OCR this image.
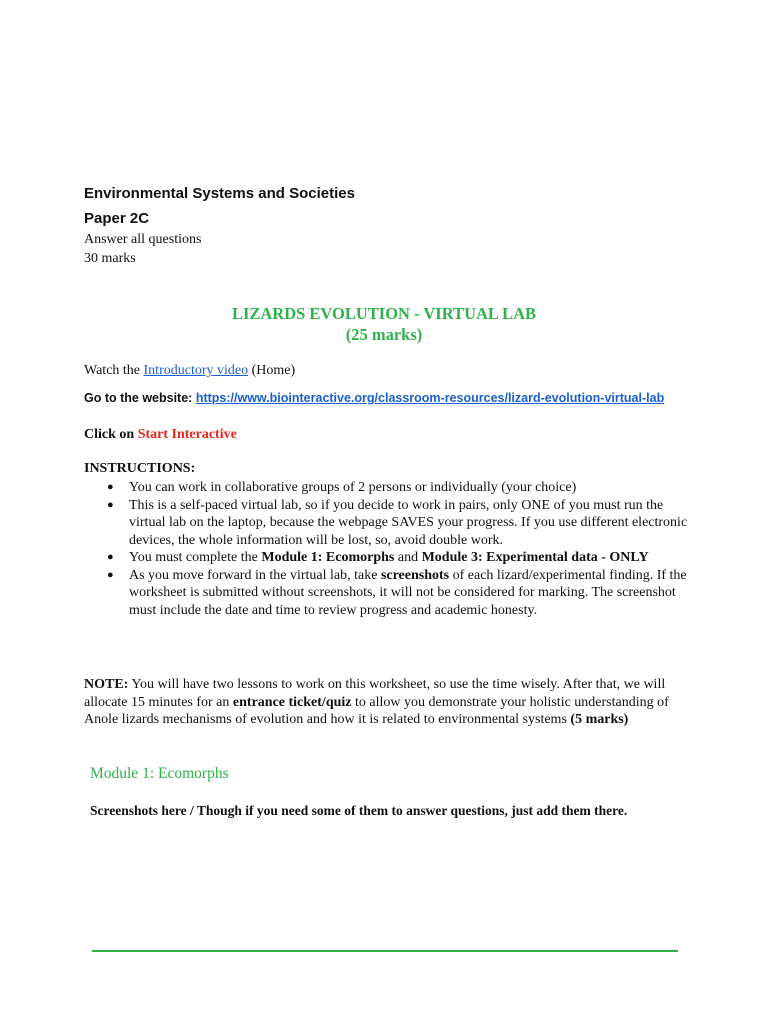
Environmental Systems and Societies
Paper 2C
Answer all questions
30 marks
LIZARDS EVOLUTION - VIRTUAL LAB
(25 marks)
Watch the Introductory video (Home)
Go to the website: https://www.biointeractive.org/classroom-resources/lizard-evolution-virtual-lab
Click on Start Interactive
INSTRUCTIONS:
● You can work in collaborative groups of 2 persons or individually (your choice)
● This is a self-paced virtual lab, so if you decide to work in pairs, only ONE of you must run the virtual lab on the laptop, because the webpage SAVES your progress. If you use different electronic devices, the whole information will be lost, so, avoid double work.
● You must complete the Module 1: Ecomorphs and Module 3: Experimental data - ONLY
● As you move forward in the virtual lab, take screenshots of each lizard/experimental finding. If the worksheet is submitted without screenshots, it will not be considered for marking. The screenshot must include the date and time to review progress and academic honesty.
NOTE: You will have two lessons to work on this worksheet, so use the time wisely. After that, we will allocate 15 minutes for an entrance ticket/quiz to allow you demonstrate your holistic understanding of Anole lizards mechanisms of evolution and how it is related to environmental systems (5 marks)
Module 1: Ecomorphs
Screenshots here / Though if you need some of them to answer questions, just add them there.
